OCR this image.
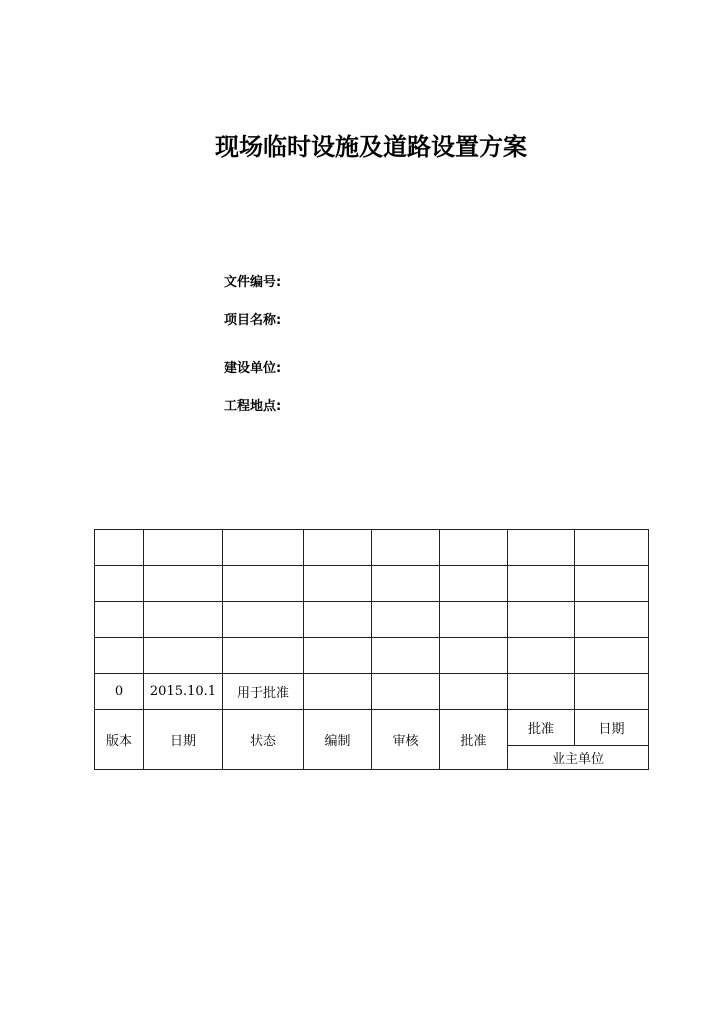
现场临时设施及道路设置方案
文件编号:
项目名称:
建设单位:
工程地点:

0	2015.10.1	用于批准					
版本	日期	状态	编制	审核	批准	批准	日期
						业主单位	
